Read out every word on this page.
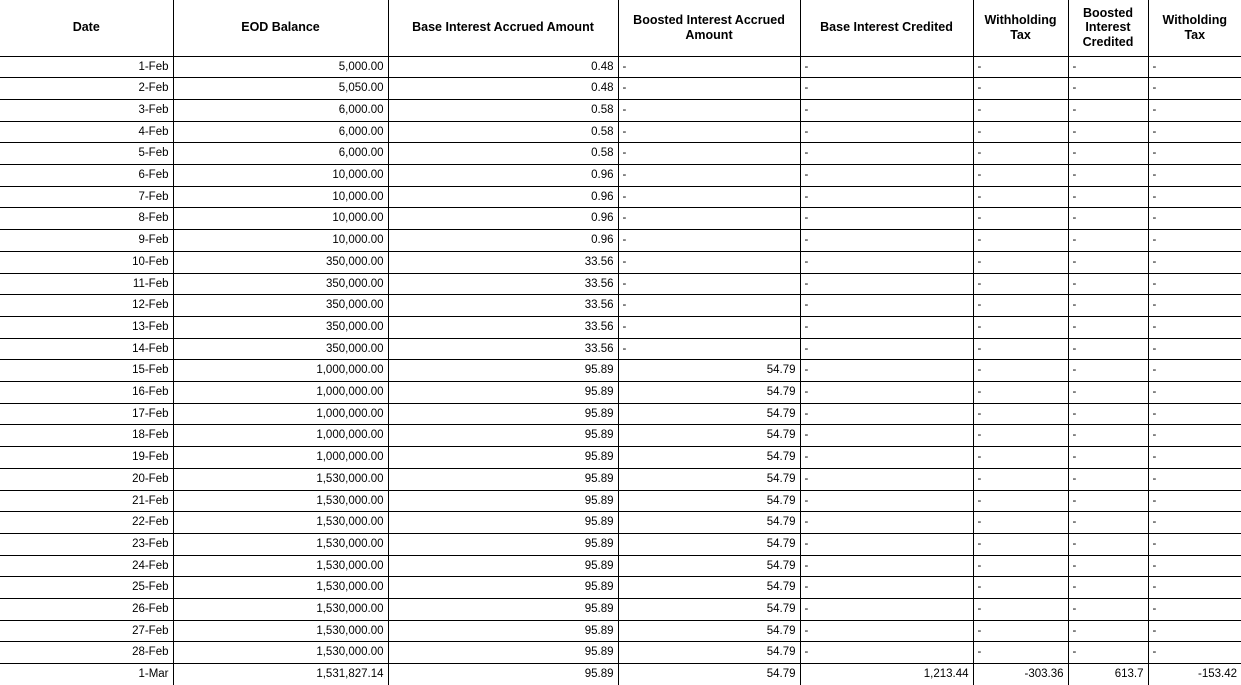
Date	EOD Balance	Base Interest Accrued Amount	Boosted Interest Accrued Amount	Base Interest Credited	Withholding Tax	Boosted Interest Credited	Witholding Tax
1-Feb	5,000.00	0.48	-	-	-	-	-
2-Feb	5,050.00	0.48	-	-	-	-	-
3-Feb	6,000.00	0.58	-	-	-	-	-
4-Feb	6,000.00	0.58	-	-	-	-	-
5-Feb	6,000.00	0.58	-	-	-	-	-
6-Feb	10,000.00	0.96	-	-	-	-	-
7-Feb	10,000.00	0.96	-	-	-	-	-
8-Feb	10,000.00	0.96	-	-	-	-	-
9-Feb	10,000.00	0.96	-	-	-	-	-
10-Feb	350,000.00	33.56	-	-	-	-	-
11-Feb	350,000.00	33.56	-	-	-	-	-
12-Feb	350,000.00	33.56	-	-	-	-	-
13-Feb	350,000.00	33.56	-	-	-	-	-
14-Feb	350,000.00	33.56	-	-	-	-	-
15-Feb	1,000,000.00	95.89	54.79	-	-	-	-
16-Feb	1,000,000.00	95.89	54.79	-	-	-	-
17-Feb	1,000,000.00	95.89	54.79	-	-	-	-
18-Feb	1,000,000.00	95.89	54.79	-	-	-	-
19-Feb	1,000,000.00	95.89	54.79	-	-	-	-
20-Feb	1,530,000.00	95.89	54.79	-	-	-	-
21-Feb	1,530,000.00	95.89	54.79	-	-	-	-
22-Feb	1,530,000.00	95.89	54.79	-	-	-	-
23-Feb	1,530,000.00	95.89	54.79	-	-	-	-
24-Feb	1,530,000.00	95.89	54.79	-	-	-	-
25-Feb	1,530,000.00	95.89	54.79	-	-	-	-
26-Feb	1,530,000.00	95.89	54.79	-	-	-	-
27-Feb	1,530,000.00	95.89	54.79	-	-	-	-
28-Feb	1,530,000.00	95.89	54.79	-	-	-	-
1-Mar	1,531,827.14	95.89	54.79	1,213.44	-303.36	613.7	-153.42
